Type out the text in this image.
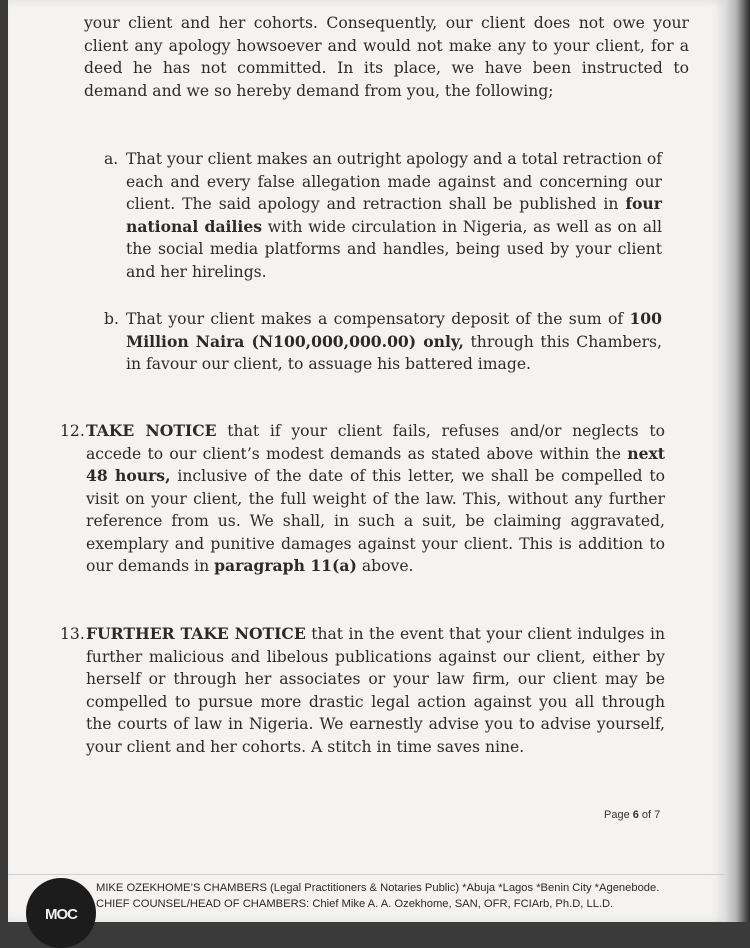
your client and her cohorts. Consequently, our client does not owe your client any apology howsoever and would not make any to your client, for a deed he has not committed. In its place, we have been instructed to demand and we so hereby demand from you, the following;

a. That your client makes an outright apology and a total retraction of each and every false allegation made against and concerning our client. The said apology and retraction shall be published in four national dailies with wide circulation in Nigeria, as well as on all the social media platforms and handles, being used by your client and her hirelings.

b. That your client makes a compensatory deposit of the sum of 100 Million Naira (N100,000,000.00) only, through this Chambers, in favour our client, to assuage his battered image.

12. TAKE NOTICE that if your client fails, refuses and/or neglects to accede to our client’s modest demands as stated above within the next 48 hours, inclusive of the date of this letter, we shall be compelled to visit on your client, the full weight of the law. This, without any further reference from us. We shall, in such a suit, be claiming aggravated, exemplary and punitive damages against your client. This is addition to our demands in paragraph 11(a) above.

13. FURTHER TAKE NOTICE that in the event that your client indulges in further malicious and libelous publications against our client, either by herself or through her associates or your law firm, our client may be compelled to pursue more drastic legal action against you all through the courts of law in Nigeria. We earnestly advise you to advise yourself, your client and her cohorts. A stitch in time saves nine.

Page 6 of 7
MOC
MIKE OZEKHOME’S CHAMBERS (Legal Practitioners & Notaries Public) *Abuja *Lagos *Benin City *Agenebode.
CHIEF COUNSEL/HEAD OF CHAMBERS: Chief Mike A. A. Ozekhome, SAN, OFR, FCIArb, Ph.D, LL.D.
